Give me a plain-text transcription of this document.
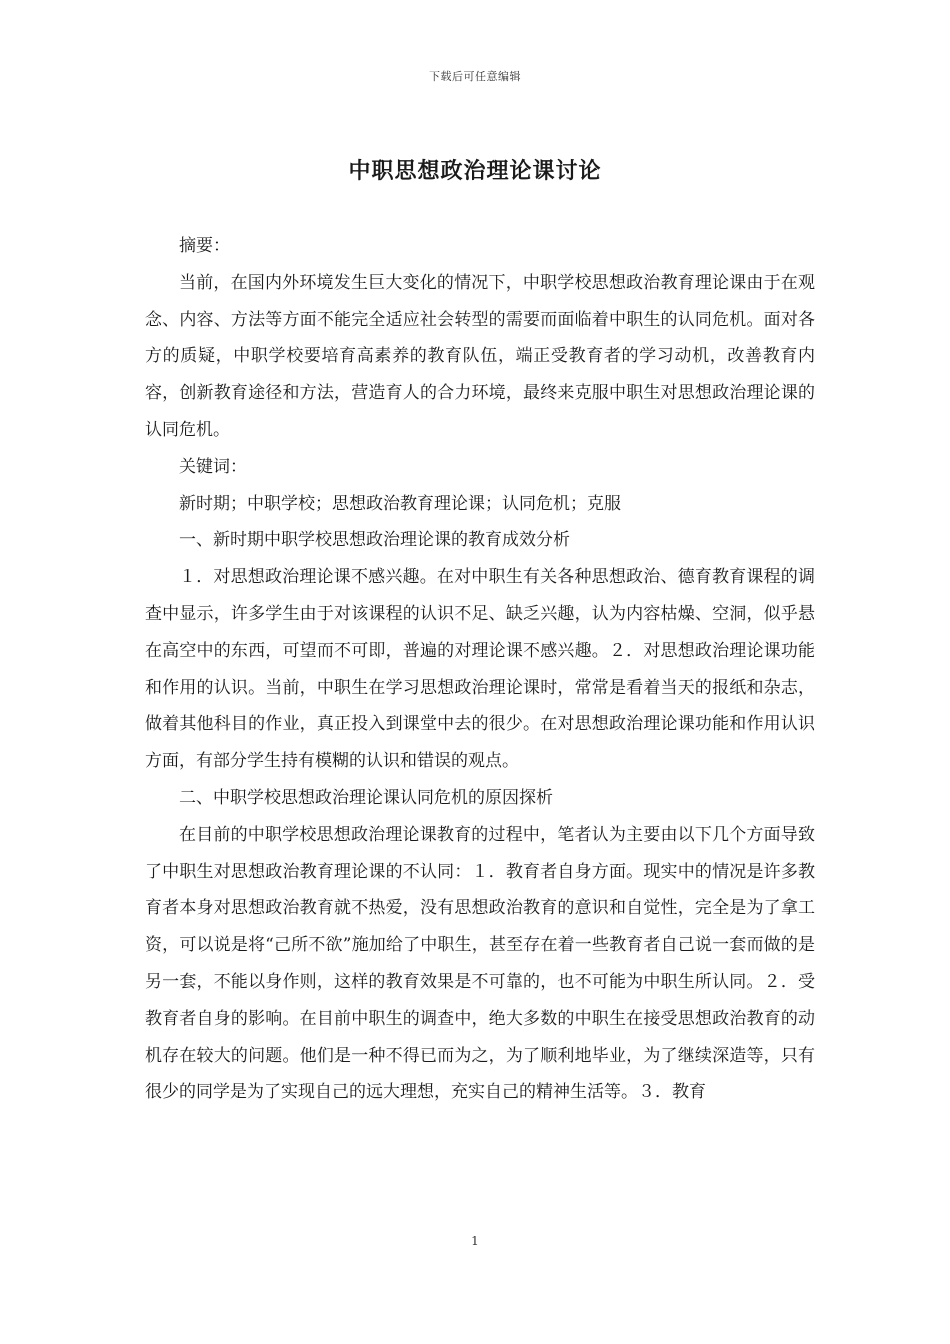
下载后可任意编辑
中职思想政治理论课讨论

摘要：

当前，在国内外环境发生巨大变化的情况下，中职学校思想政治教育理论课由于在观念、内容、方法等方面不能完全适应社会转型的需要而面临着中职生的认同危机。面对各方的质疑，中职学校要培育高素养的教育队伍，端正受教育者的学习动机，改善教育内容，创新教育途径和方法，营造育人的合力环境，最终来克服中职生对思想政治理论课的认同危机。

关键词：

新时期；中职学校；思想政治教育理论课；认同危机；克服

一、新时期中职学校思想政治理论课的教育成效分析

１．对思想政治理论课不感兴趣。在对中职生有关各种思想政治、德育教育课程的调查中显示，许多学生由于对该课程的认识不足、缺乏兴趣，认为内容枯燥、空洞，似乎悬在高空中的东西，可望而不可即，普遍的对理论课不感兴趣。２．对思想政治理论课功能和作用的认识。当前，中职生在学习思想政治理论课时，常常是看着当天的报纸和杂志，做着其他科目的作业，真正投入到课堂中去的很少。在对思想政治理论课功能和作用认识方面，有部分学生持有模糊的认识和错误的观点。

二、中职学校思想政治理论课认同危机的原因探析

在目前的中职学校思想政治理论课教育的过程中，笔者认为主要由以下几个方面导致了中职生对思想政治教育理论课的不认同：１．教育者自身方面。现实中的情况是许多教育者本身对思想政治教育就不热爱，没有思想政治教育的意识和自觉性，完全是为了拿工资，可以说是将“己所不欲”施加给了中职生，甚至存在着一些教育者自己说一套而做的是另一套，不能以身作则，这样的教育效果是不可靠的，也不可能为中职生所认同。２．受教育者自身的影响。在目前中职生的调查中，绝大多数的中职生在接受思想政治教育的动机存在较大的问题。他们是一种不得已而为之，为了顺利地毕业，为了继续深造等，只有很少的同学是为了实现自己的远大理想，充实自己的精神生活等。３．教育

1
